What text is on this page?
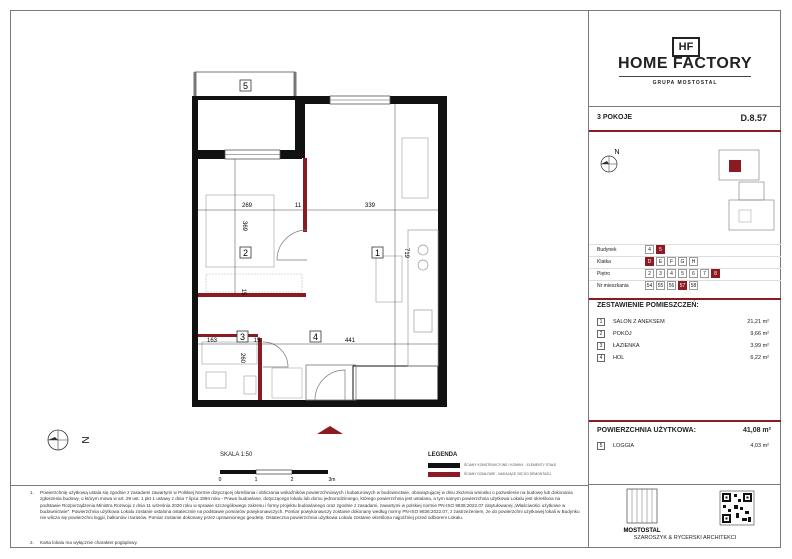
1
2
3	4
5
269	11	339
369
719
15
163	15
260
441
N
0	1	2	3m
SKALA 1:50	LEGENDA
ŚCIANY KONSTRUKCYJNE / KOMINY - ELEMENTY STAŁE
ŚCIANY DZIAŁOWE - NADAJĄCE SIĘ DO DEMONTAŻU
1. Powierzchnię użytkową ustala się zgodnie z zasadami zawartymi w Polskiej Normie dotyczącej określania i obliczania wskaźników powierzchniowych i kubaturowych w budownictwie, obowiązującej w dniu złożenia wniosku o pozwolenie na budowę lub dokonania zgłoszenia budowy, o którym mowa w art. 29 ust. 1 pkt 1 ustawy z dnia 7 lipca 1994 roku - Prawo budowlane, dotyczącego lokalu lub domu jednorodzinnego, którego powierzchnia jest ustalana, a tym samym powierzchnia użytkowa Lokalu jest określona na podstawie Rozporządzenia Ministra Rozwoju z dnia 11 września 2020 roku w sprawie szczegółowego zakresu i formy projektu budowlanego oraz zgodnie z zasadami, zawartymi w polskiej normie PN-ISO 9836:2022.07 zatytułowanej „Właściwości użytkowe w budownictwie”. Powierzchnia użytkowa Lokalu zostanie ustalona ostatecznie na podstawie pomiarów powykonawczych. Pomiar powykonawczy zostanie dokonany według normy PN-ISO 9836:2022.07, z zastrzeżeniem, że do powierzchni użytkowej lokali w Budynku nie wlicza się powierzchni loggii, balkonów i tarasów. Pomiar zostanie dokonany przez uprawnionego geodetę. Ostateczna powierzchnia użytkowa Lokalu zostanie określona najpóźniej przed odbiorem Lokalu.
2. Karta lokalu ma wyłącznie charakter poglądowy.
HF
HOME FACTORY
GRUPA MOSTOSTAL
3 POKOJE	D.8.57
N
Budynek	4	5
Klatka	D	E	F	G	H
Piętro	2	3	4	5	6	7	8
Nr mieszkania	54	55	56	57	58
ZESTAWIENIE POMIESZCZEŃ:
1	SALON Z ANEKSEM	21,21 m²
2	POKÓJ	9,66 m²
3	ŁAZIENKA	3,99 m²
4	HOL	6,22 m²
POWIERZCHNIA UŻYTKOWA:	41,08 m²
5	LOGGIA	4,03 m²
MOSTOSTAL
SZAROSZYK & RYCERSKI ARCHITEKCI
